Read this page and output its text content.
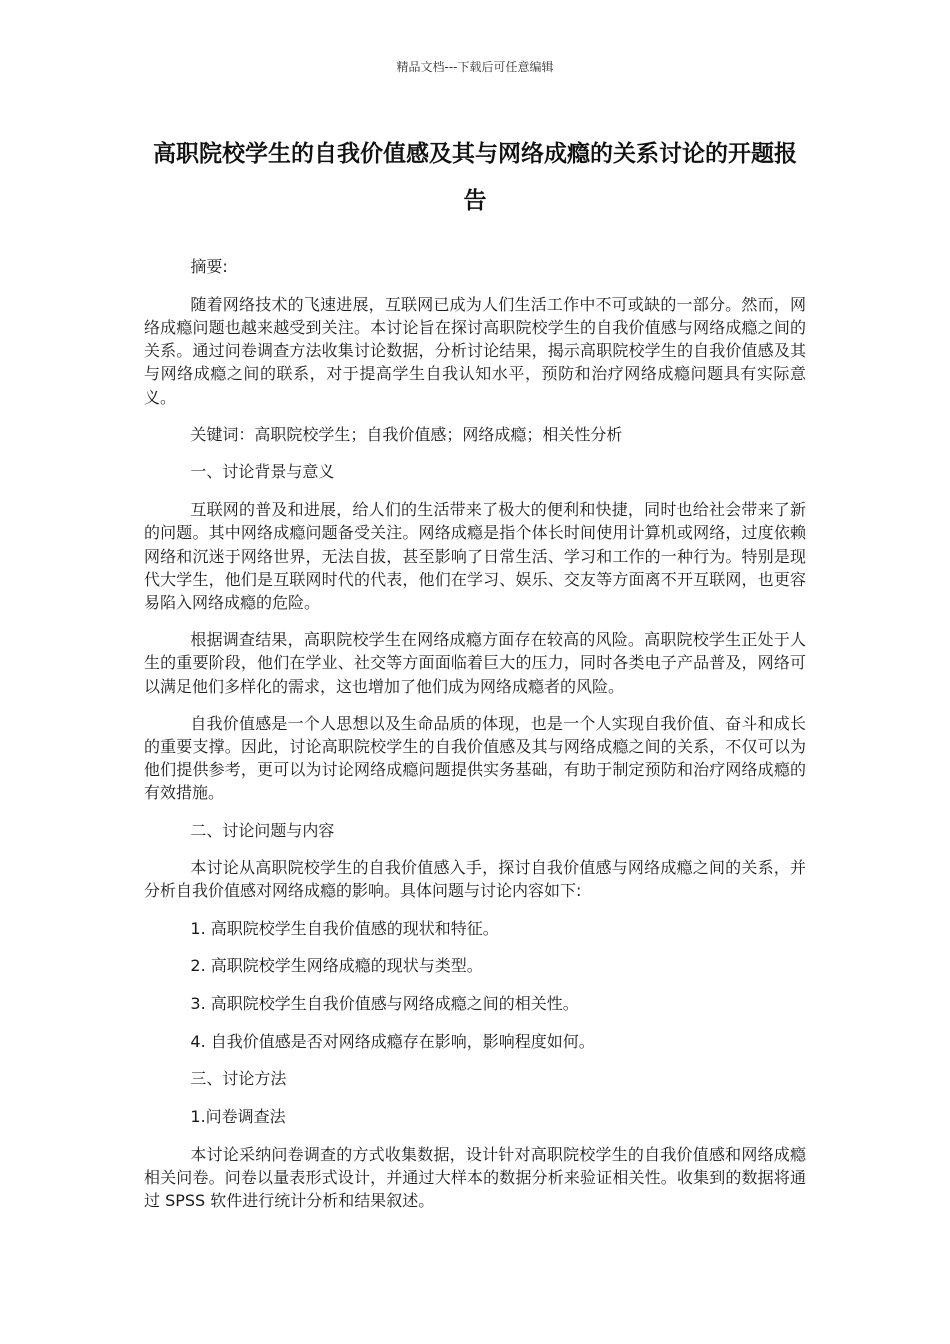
精品文档---下载后可任意编辑
高职院校学生的自我价值感及其与网络成瘾的关系讨论的开题报告

摘要:

随着网络技术的飞速进展，互联网已成为人们生活工作中不可或缺的一部分。然而，网络成瘾问题也越来越受到关注。本讨论旨在探讨高职院校学生的自我价值感与网络成瘾之间的关系。通过问卷调查方法收集讨论数据，分析讨论结果，揭示高职院校学生的自我价值感及其与网络成瘾之间的联系，对于提高学生自我认知水平，预防和治疗网络成瘾问题具有实际意义。

关键词：高职院校学生；自我价值感；网络成瘾；相关性分析

一、讨论背景与意义

互联网的普及和进展，给人们的生活带来了极大的便利和快捷，同时也给社会带来了新的问题。其中网络成瘾问题备受关注。网络成瘾是指个体长时间使用计算机或网络，过度依赖网络和沉迷于网络世界，无法自拔，甚至影响了日常生活、学习和工作的一种行为。特别是现代大学生，他们是互联网时代的代表，他们在学习、娱乐、交友等方面离不开互联网，也更容易陷入网络成瘾的危险。

根据调查结果，高职院校学生在网络成瘾方面存在较高的风险。高职院校学生正处于人生的重要阶段，他们在学业、社交等方面面临着巨大的压力，同时各类电子产品普及，网络可以满足他们多样化的需求，这也增加了他们成为网络成瘾者的风险。

自我价值感是一个人思想以及生命品质的体现，也是一个人实现自我价值、奋斗和成长的重要支撑。因此，讨论高职院校学生的自我价值感及其与网络成瘾之间的关系，不仅可以为他们提供参考，更可以为讨论网络成瘾问题提供实务基础，有助于制定预防和治疗网络成瘾的有效措施。

二、讨论问题与内容

本讨论从高职院校学生的自我价值感入手，探讨自我价值感与网络成瘾之间的关系，并分析自我价值感对网络成瘾的影响。具体问题与讨论内容如下:

1. 高职院校学生自我价值感的现状和特征。

2. 高职院校学生网络成瘾的现状与类型。

3. 高职院校学生自我价值感与网络成瘾之间的相关性。

4. 自我价值感是否对网络成瘾存在影响，影响程度如何。

三、讨论方法

1.问卷调查法

本讨论采纳问卷调查的方式收集数据，设计针对高职院校学生的自我价值感和网络成瘾相关问卷。问卷以量表形式设计，并通过大样本的数据分析来验证相关性。收集到的数据将通过 SPSS 软件进行统计分析和结果叙述。
